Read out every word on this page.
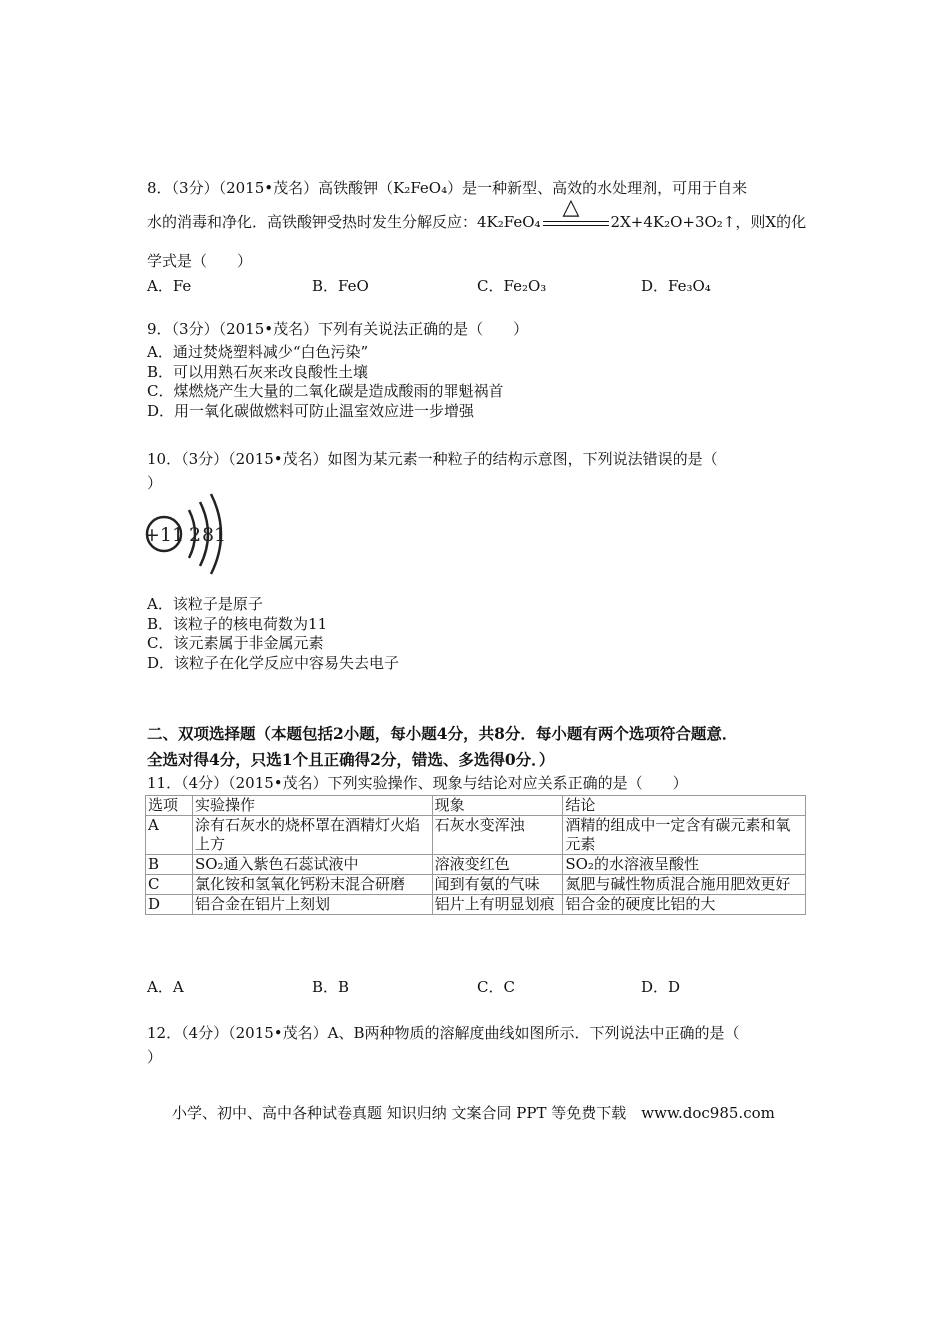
8．（3分）（2015•茂名）高铁酸钾（K₂FeO₄）是一种新型、高效的水处理剂，可用于自来
水的消毒和净化．高铁酸钾受热时发生分解反应：4K₂FeO₄
△
2X+4K₂O+3O₂↑，则X的化
学式是（　　）
A．Fe	B．FeO	C．Fe₂O₃	D．Fe₃O₄
9．（3分）（2015•茂名）下列有关说法正确的是（　　）
A．通过焚烧塑料减少“白色污染”
B．可以用熟石灰来改良酸性土壤
C．煤燃烧产生大量的二氧化碳是造成酸雨的罪魁祸首
D．用一氧化碳做燃料可防止温室效应进一步增强
10．（3分）（2015•茂名）如图为某元素一种粒子的结构示意图，下列说法错误的是（
）
+11 2 8 1
A．该粒子是原子
B．该粒子的核电荷数为11
C．该元素属于非金属元素
D．该粒子在化学反应中容易失去电子
二、双项选择题（本题包括2小题，每小题4分，共8分．每小题有两个选项符合题意．
全选对得4分，只选1个且正确得2分，错选、多选得0分．）
11．（4分）（2015•茂名）下列实验操作、现象与结论对应关系正确的是（　　）
选项	实验操作	现象	结论
A	涂有石灰水的烧杯罩在酒精灯火焰上方	石灰水变浑浊	酒精的组成中一定含有碳元素和氧元素
B	SO₂通入紫色石蕊试液中	溶液变红色	SO₂的水溶液呈酸性
C	氯化铵和氢氧化钙粉末混合研磨	闻到有氨的气味	氮肥与碱性物质混合施用肥效更好
D	铝合金在铝片上刻划	铝片上有明显划痕	铝合金的硬度比铝的大
A．A	B．B	C．C	D．D
12．（4分）（2015•茂名）A、B两种物质的溶解度曲线如图所示．下列说法中正确的是（
）
小学、初中、高中各种试卷真题 知识归纳 文案合同 PPT 等免费下载　www.doc985.com
